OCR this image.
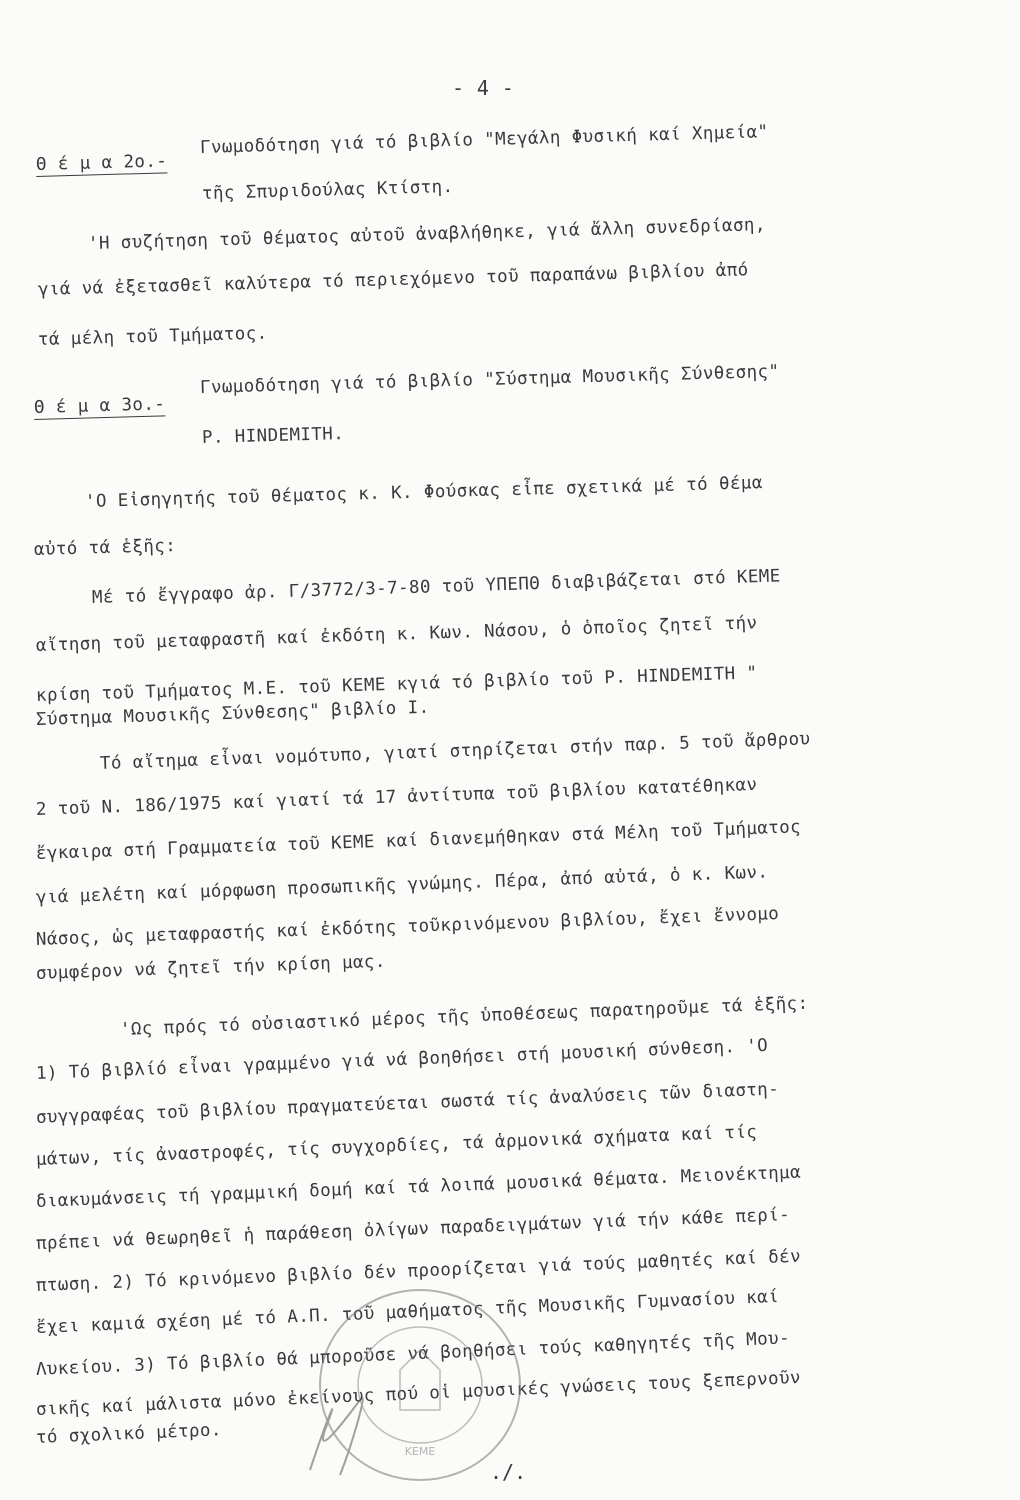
- 4 -
Θ έ μ α 2ο.-
Γνωμοδότηση γιά τό βιβλίο "Μεγάλη Φυσική καί Χημεία"
τῆς Σπυριδούλας Κτίστη.
'Η συζήτηση τοῦ θέματος αὐτοῦ ἀναβλήθηκε, γιά ἄλλη συνεδρίαση,
γιά νά ἐξετασθεῖ καλύτερα τό περιεχόμενο τοῦ παραπάνω βιβλίου ἀπό
τά μέλη τοῦ Τμήματος.
Θ έ μ α 3ο.-
Γνωμοδότηση γιά τό βιβλίο "Σύστημα Μουσικῆς Σύνθεσης"
P. HINDEMITH.
'Ο Εἰσηγητής τοῦ θέματος κ. Κ. Φούσκας εἶπε σχετικά μέ τό θέμα
αὐτό τά ἑξῆς:
Μέ τό ἔγγραφο ἀρ. Γ/3772/3-7-80 τοῦ ΥΠΕΠΘ διαβιβάζεται στό ΚΕΜΕ
αἴτηση τοῦ μεταφραστῆ καί ἐκδότη κ. Κων. Νάσου, ὁ ὁποῖος ζητεῖ τήν
κρίση τοῦ Τμήματος Μ.Ε. τοῦ ΚΕΜΕ κγιά τό βιβλίο τοῦ P. HINDEMITH "
Σύστημα Μουσικῆς Σύνθεσης" βιβλίο Ι.
Τό αἴτημα εἶναι νομότυπο, γιατί στηρίζεται στήν παρ. 5 τοῦ ἄρθρου
2 τοῦ Ν. 186/1975 καί γιατί τά 17 ἀντίτυπα τοῦ βιβλίου κατατέθηκαν
ἔγκαιρα στή Γραμματεία τοῦ ΚΕΜΕ καί διανεμήθηκαν στά Μέλη τοῦ Τμήματος
γιά μελέτη καί μόρφωση προσωπικῆς γνώμης. Πέρα, ἀπό αὐτά, ὁ κ. Κων.
Νάσος, ὡς μεταφραστής καί ἐκδότης τοῦκρινόμενου βιβλίου, ἔχει ἔννομο
συμφέρον νά ζητεῖ τήν κρίση μας.
'Ως πρός τό οὐσιαστικό μέρος τῆς ὑποθέσεως παρατηροῦμε τά ἑξῆς:
1) Τό βιβλίό εἶναι γραμμένο γιά νά βοηθήσει στή μουσική σύνθεση. 'Ο
συγγραφέας τοῦ βιβλίου πραγματεύεται σωστά τίς ἀναλύσεις τῶν διαστη-
μάτων, τίς ἀναστροφές, τίς συγχορδίες, τά ἁρμονικά σχήματα καί τίς
διακυμάνσεις τή γραμμική δομή καί τά λοιπά μουσικά θέματα. Μειονέκτημα
πρέπει νά θεωρηθεῖ ἡ παράθεση ὀλίγων παραδειγμάτων γιά τήν κάθε περί-
πτωση. 2) Τό κρινόμενο βιβλίο δέν προορίζεται γιά τούς μαθητές καί δέν
ἔχει καμιά σχέση μέ τό Α.Π. τοῦ μαθήματος τῆς Μουσικῆς Γυμνασίου καί
Λυκείου. 3) Τό βιβλίο θά μποροῦσε νά βοηθήσει τούς καθηγητές τῆς Μου-
σικῆς καί μάλιστα μόνο ἐκείνους πού οἱ μουσικές γνώσεις τους ξεπερνοῦν
τό σχολικό μέτρο.
ΚΕΜΕ
./.
